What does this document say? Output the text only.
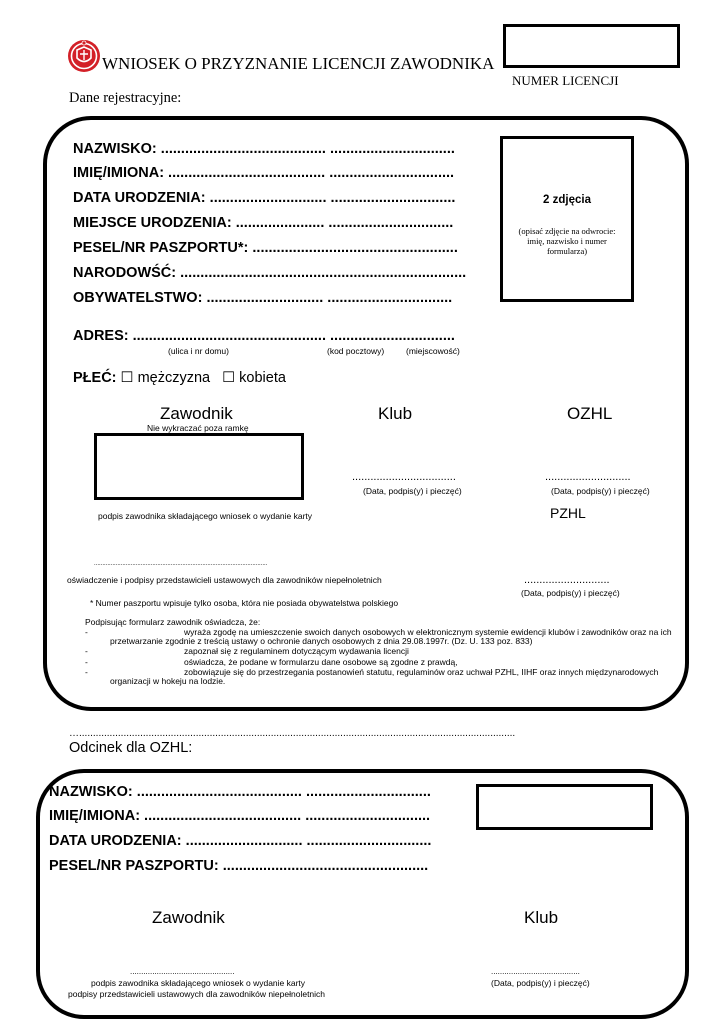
WNIOSEK O PRZYZNANIE LICENCJI ZAWODNIKA
NUMER LICENCJI
Dane rejestracyjne:
NAZWISKO: ......................................... ...............................
IMIĘ/IMIONA: ....................................... ...............................
DATA URODZENIA: ............................. ...............................
MIEJSCE URODZENIA: ...................... ...............................
PESEL/NR PASZPORTU*: ...................................................
NARODOWŚĆ: .......................................................................
OBYWATELSTWO: ............................. ...............................
2 zdjęcia
(opisać zdjęcie na odwrocie: imię, nazwisko i numer formularza)
ADRES: ................................................ ...............................
(ulica i nr domu)	(kod pocztowy)	(miejscowość)
PŁEĆ: ☐ mężczyzna ☐ kobieta
Zawodnik	Klub	OZHL
Nie wykraczać poza ramkę
..................................
(Data, podpis(y) i pieczęć)
............................
(Data, podpis(y) i pieczęć)
podpis zawodnika składającego wniosek o wydanie karty	PZHL
........................................................................................................
oświadczenie i podpisy przedstawicieli ustawowych dla zawodników niepełnoletnich	............................
(Data, podpis(y) i pieczęć)
* Numer paszportu wpisuje tylko osoba, która nie posiada obywatelstwa polskiego
Podpisując formularz zawodnik oświadcza, że:
-	wyraża zgodę na umieszczenie swoich danych osobowych w elektronicznym systemie ewidencji klubów i zawodników oraz na ich
przetwarzanie zgodnie z treścią ustawy o ochronie danych osobowych z dnia 29.08.1997r. (Dz. U. 133 poz. 833)
-	zapoznał się z regulaminem dotyczącym wydawania licencji
-	oświadcza, że podane w formularzu dane osobowe są zgodne z prawdą,
-	zobowiązuje się do przestrzegania postanowień statutu, regulaminów oraz uchwał PZHL, IIHF oraz innych międzynarodowych
organizacji w hokeju na lodzie.
….............................................................................................................................................................
Odcinek dla OZHL:
NAZWISKO: ......................................... ...............................
IMIĘ/IMIONA: ....................................... ...............................
DATA URODZENIA: ............................. ...............................
PESEL/NR PASZPORTU: ...................................................
Zawodnik	Klub
...............................................
podpis zawodnika składającego wniosek o wydanie karty
podpisy przedstawicieli ustawowych dla zawodników niepełnoletnich
........................................
(Data, podpis(y) i pieczęć)
